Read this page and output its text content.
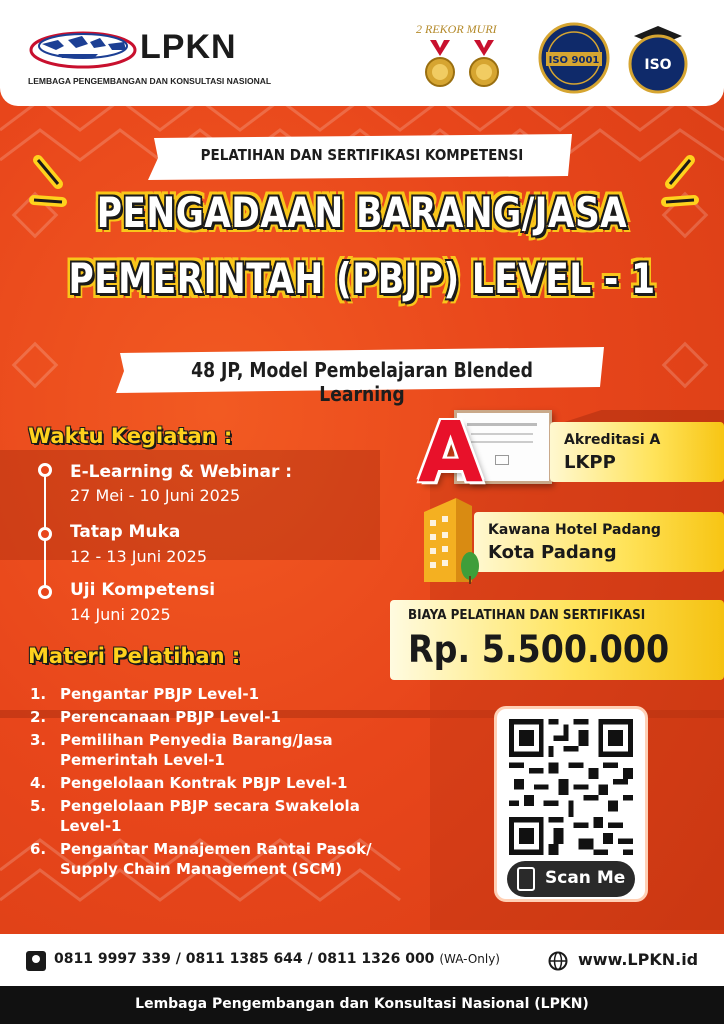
LPKN
LEMBAGA PENGEMBANGAN DAN KONSULTASI NASIONAL
2 REKOR MURI
ISO 9001	ISO
PELATIHAN DAN SERTIFIKASI KOMPETENSI
PENGADAAN BARANG/JASA
PEMERINTAH (PBJP) LEVEL - 1
48 JP, Model Pembelajaran Blended Learning
Waktu Kegiatan :
E-Learning & Webinar :
27 Mei - 10 Juni 2025
Tatap Muka
12 - 13 Juni 2025
Uji Kompetensi
14 Juni 2025
Materi Pelatihan :
1. Pengantar PBJP Level-1
2. Perencanaan PBJP Level-1
3. Pemilihan Penyedia Barang/Jasa Pemerintah Level-1
4. Pengelolaan Kontrak PBJP Level-1
5. Pengelolaan PBJP secara Swakelola Level-1
6. Pengantar Manajemen Rantai Pasok/ Supply Chain Management (SCM)
Akreditasi A
LKPP
A
Kawana Hotel Padang
Kota Padang
BIAYA PELATIHAN DAN SERTIFIKASI
Rp. 5.500.000
Scan Me
0811 9997 339 / 0811 1385 644 / 0811 1326 000 (WA-Only)	www.LPKN.id
Lembaga Pengembangan dan Konsultasi Nasional (LPKN)
